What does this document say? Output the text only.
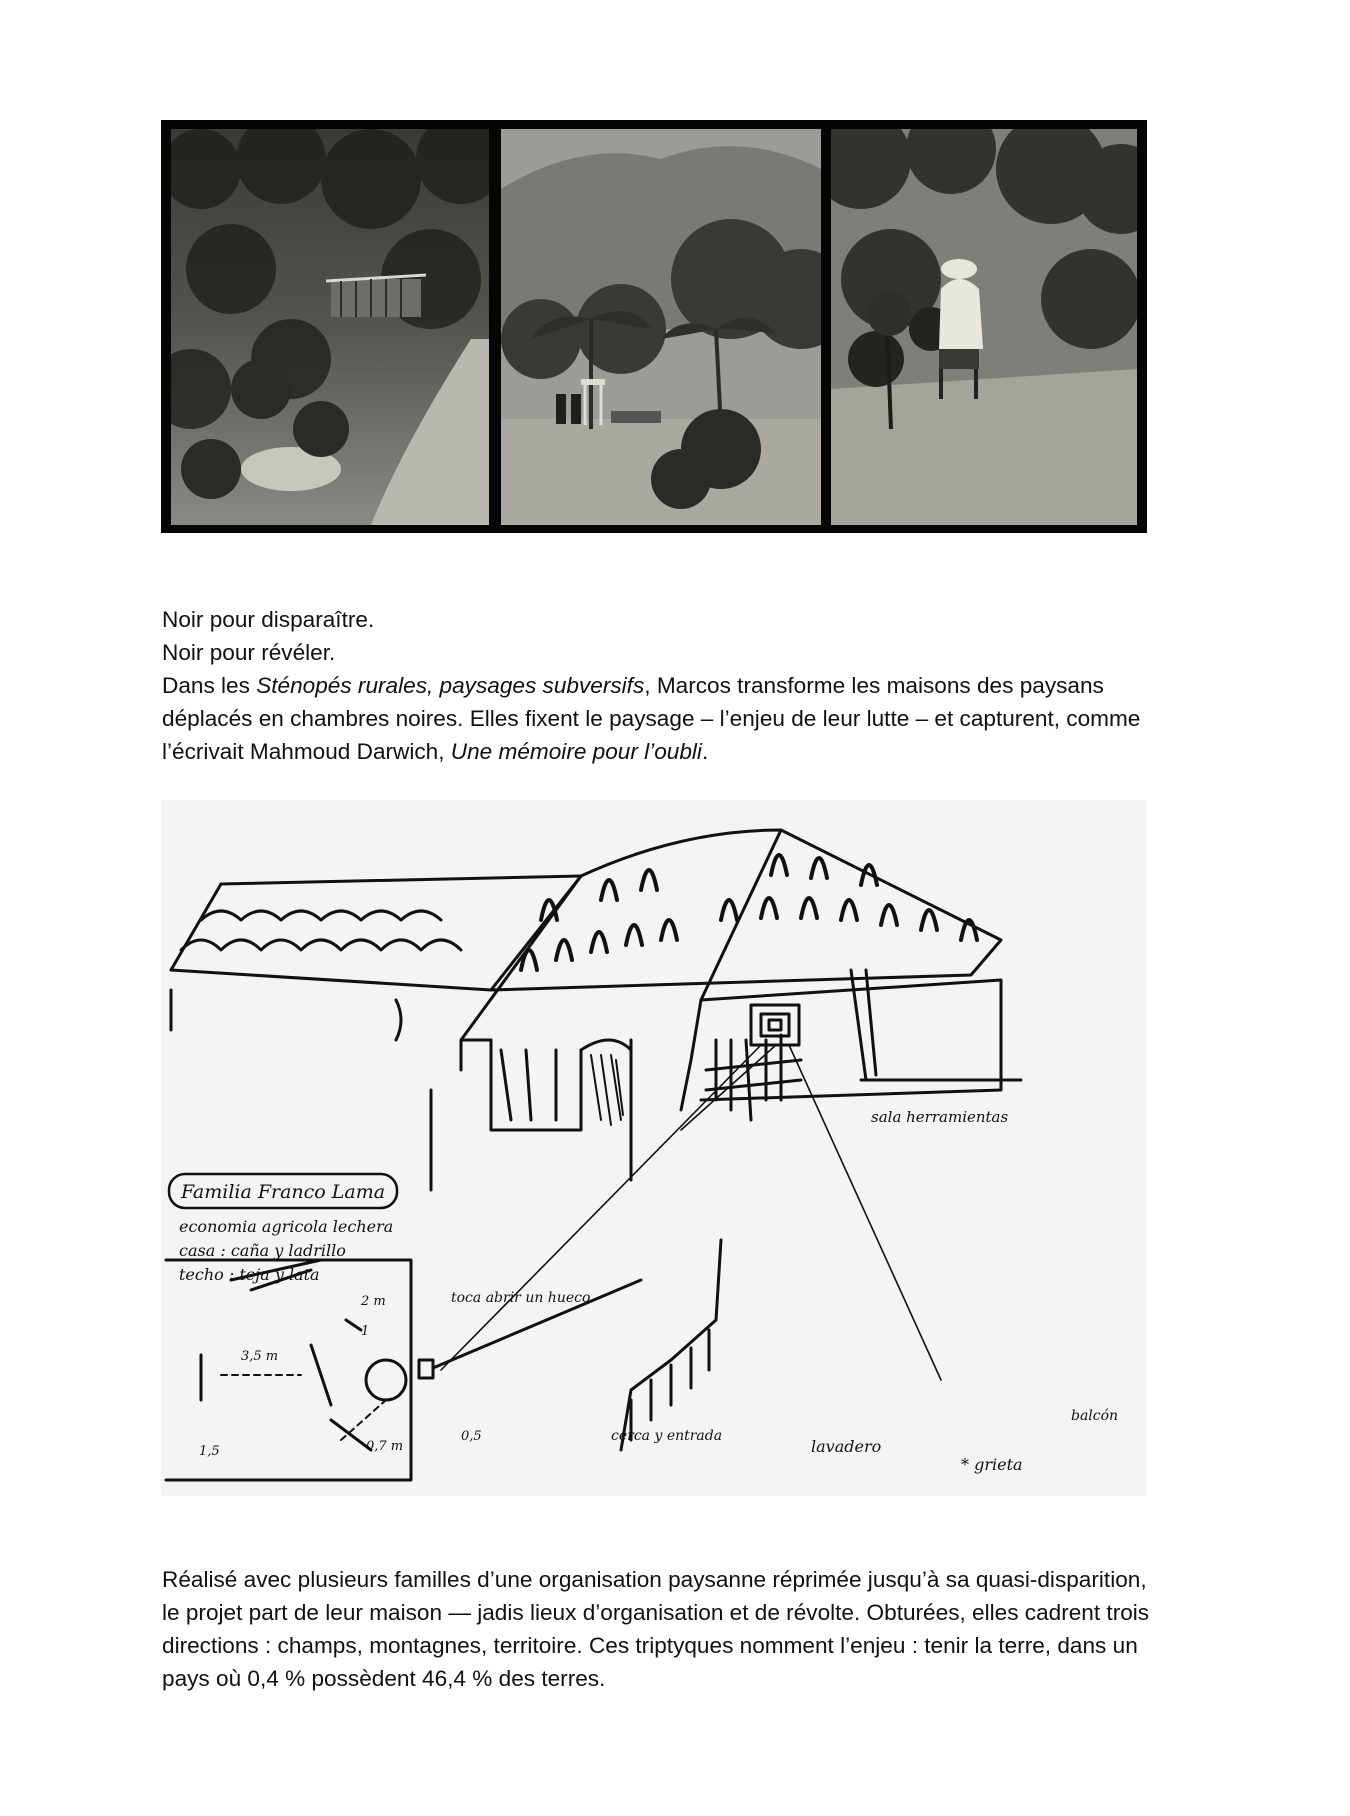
Noir pour disparaître.

Noir pour révéler.

Dans les Sténopés rurales, paysages subversifs, Marcos transforme les maisons des paysans déplacés en chambres noires. Elles fixent le paysage – l’enjeu de leur lutte – et capturent, comme l’écrivait Mahmoud Darwich, Une mémoire pour l’oubli.

Familia Franco Lama
economia agricola lechera
casa : caña y ladrillo
techo : teja y lata
sala herramientas
toca abrir un hueco
cerca y entrada
lavadero
* grieta
balcón
3,5 m
2 m
0,7 m
1
1,5
0,5

Réalisé avec plusieurs familles d’une organisation paysanne réprimée jusqu’à sa quasi-disparition, le projet part de leur maison — jadis lieux d’organisation et de révolte. Obturées, elles cadrent trois directions : champs, montagnes, territoire. Ces triptyques nomment l’enjeu : tenir la terre, dans un pays où 0,4 % possèdent 46,4 % des terres.
